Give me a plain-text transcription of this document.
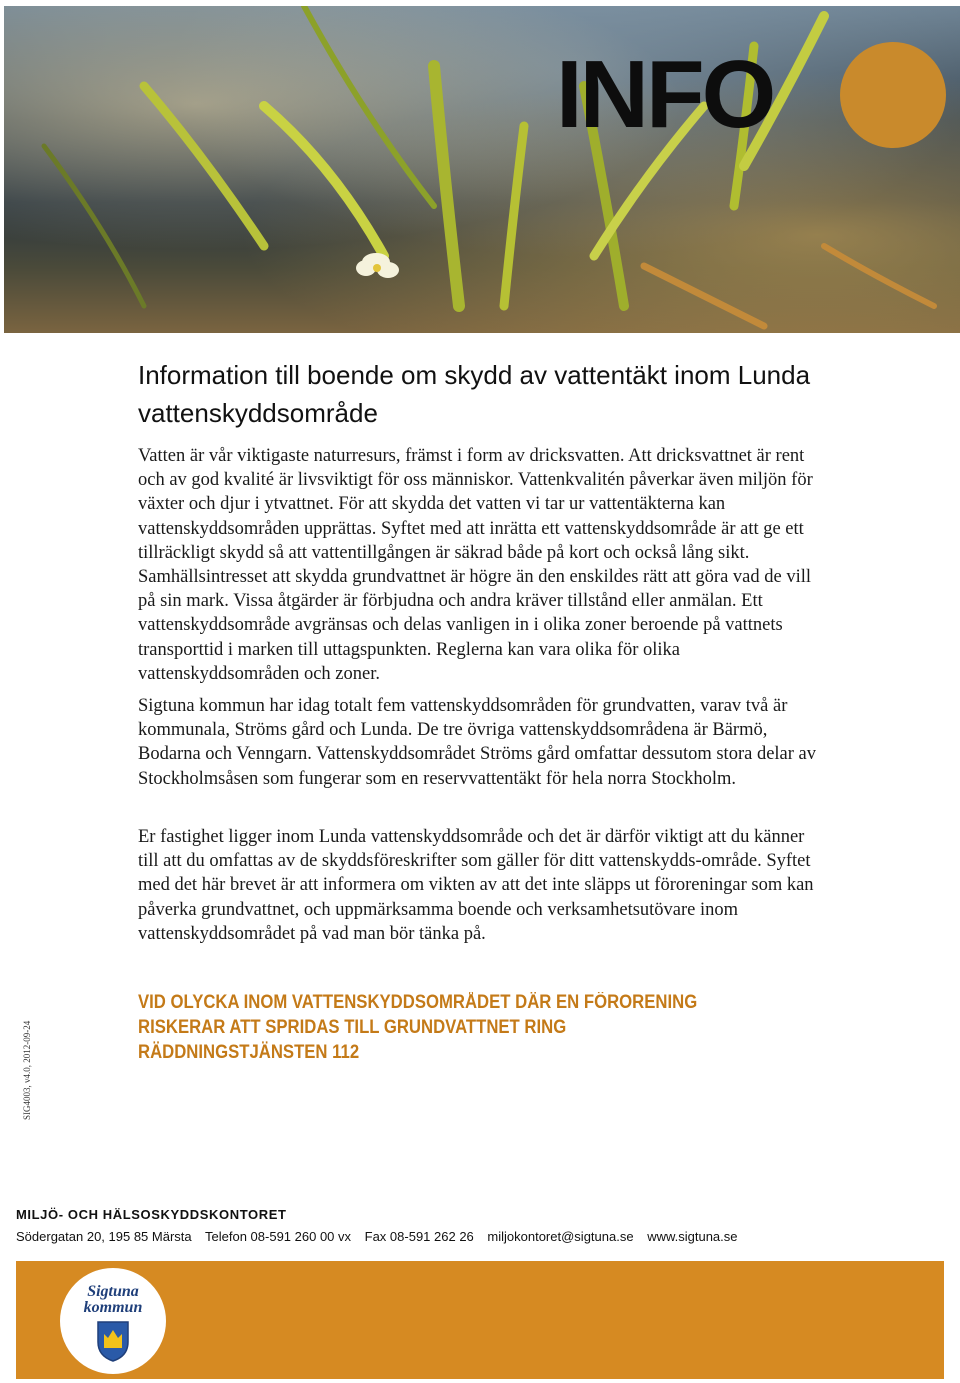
INFO
Information till boende om skydd av vattentäkt inom Lunda vattenskyddsområde

Vatten är vår viktigaste naturresurs, främst i form av dricksvatten. Att dricksvattnet är rent och av god kvalité är livsviktigt för oss människor. Vattenkvalitén påverkar även miljön för växter och djur i ytvattnet. För att skydda det vatten vi tar ur vattentäkterna kan vattenskyddsområden upprättas. Syftet med att inrätta ett vattenskyddsområde är att ge ett tillräckligt skydd så att vattentillgången är säkrad både på kort och också lång sikt. Samhällsintresset att skydda grundvattnet är högre än den enskildes rätt att göra vad de vill på sin mark. Vissa åtgärder är förbjudna och andra kräver tillstånd eller anmälan. Ett vattenskyddsområde avgränsas och delas vanligen in i olika zoner beroende på vattnets transporttid i marken till uttagspunkten. Reglerna kan vara olika för olika vattenskyddsområden och zoner.

Sigtuna kommun har idag totalt fem vattenskyddsområden för grundvatten, varav två är kommunala, Ströms gård och Lunda. De tre övriga vattenskyddsområdena är Bärmö, Bodarna och Venngarn. Vattenskyddsområdet Ströms gård omfattar dessutom stora delar av Stockholmsåsen som fungerar som en reservvattentäkt för hela norra Stockholm.

Er fastighet ligger inom Lunda vattenskyddsområde och det är därför viktigt att du känner till att du omfattas av de skyddsföreskrifter som gäller för ditt vattenskydds-område. Syftet med det här brevet är att informera om vikten av att det inte släpps ut föroreningar som kan påverka grundvattnet, och uppmärksamma boende och verksamhetsutövare inom vattenskyddsområdet på vad man bör tänka på.

VID OLYCKA INOM VATTENSKYDDSOMRÅDET DÄR EN FÖRORENING RISKERAR ATT SPRIDAS TILL GRUNDVATTNET RING RÄDDNINGSTJÄNSTEN 112

SIG4003, v4.0, 2012-09-24
MILJÖ- OCH HÄLSOSKYDDSKONTORET
Södergatan 20, 195 85 Märsta Telefon 08-591 260 00 vx Fax 08-591 262 26 miljokontoret@sigtuna.se www.sigtuna.se
Sigtuna
kommun
